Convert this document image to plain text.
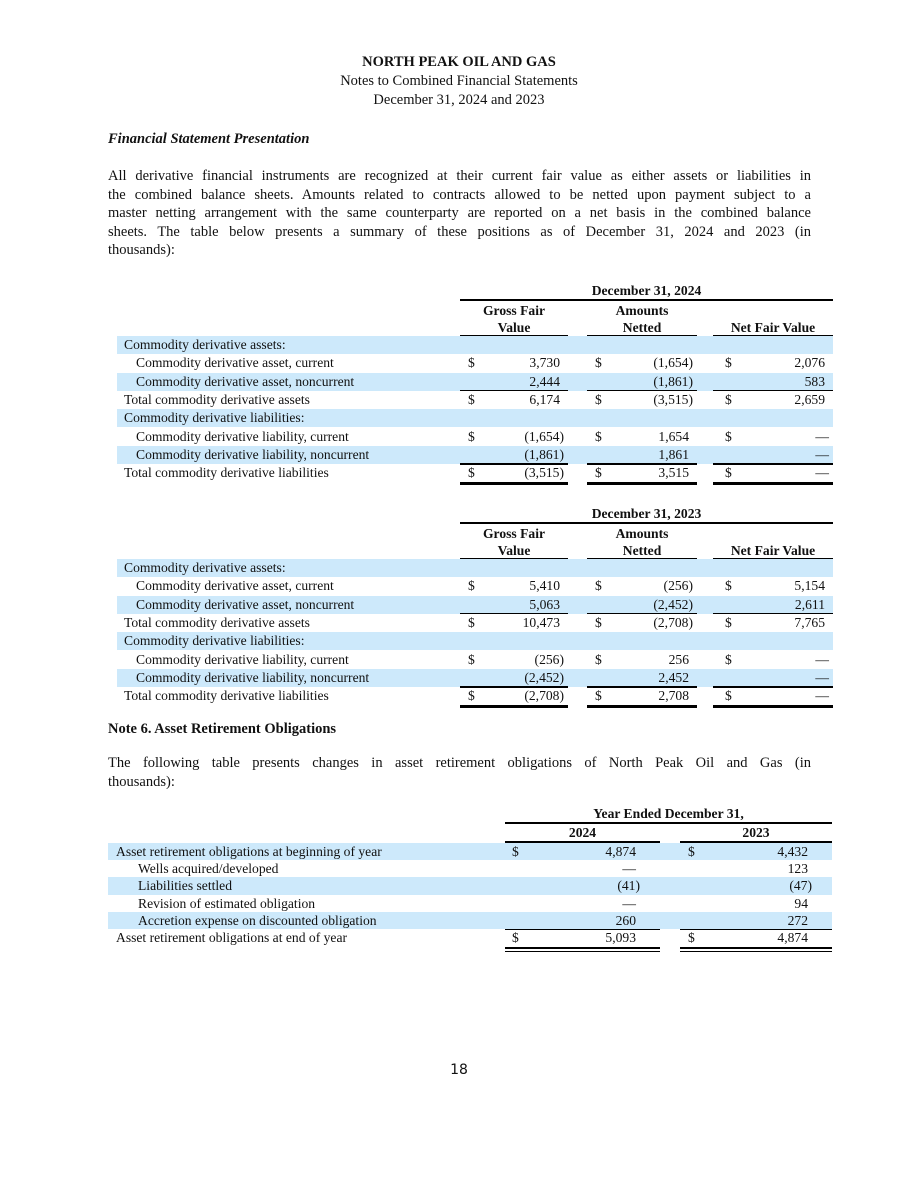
NORTH PEAK OIL AND GAS
Notes to Combined Financial Statements
December 31, 2024 and 2023
Financial Statement Presentation
All derivative financial instruments are recognized at their current fair value as either assets or liabilities in
the combined balance sheets. Amounts related to contracts allowed to be netted upon payment subject to a
master netting arrangement with the same counterparty are reported on a net basis in the combined balance
sheets. The table below presents a summary of these positions as of December 31, 2024 and 2023 (in
thousands):
December 31, 2024
Gross Fair
Value
Amounts
Netted	Net Fair Value
Commodity derivative assets:
Commodity derivative asset, current	$	3,730	$	(1,654) $	2,076
Commodity derivative asset, noncurrent	2,444	(1,861)	583
Total commodity derivative assets	$	6,174	$	(3,515) $	2,659
Commodity derivative liabilities:
Commodity derivative liability, current	$	(1,654) $	1,654	$	—
Commodity derivative liability, noncurrent	(1,861)	1,861	—
Total commodity derivative liabilities	$	(3,515) $	3,515	$	—
December 31, 2023
Gross Fair
Value
Amounts
Netted	Net Fair Value
Commodity derivative assets:
Commodity derivative asset, current	$	5,410	$	(256) $	5,154
Commodity derivative asset, noncurrent	5,063	(2,452)	2,611
Total commodity derivative assets	$	10,473	$	(2,708) $	7,765
Commodity derivative liabilities:
Commodity derivative liability, current	$	(256) $	256	$	—
Commodity derivative liability, noncurrent	(2,452)	2,452	—
Total commodity derivative liabilities	$	(2,708) $	2,708	$	—
Note 6. Asset Retirement Obligations
The following table presents changes in asset retirement obligations of North Peak Oil and Gas (in
thousands):
Year Ended December 31,
2024	2023
Asset retirement obligations at beginning of year	$	4,874	$	4,432
Wells acquired/developed	—	123
Liabilities settled	(41)	(47)
Revision of estimated obligation	—	94
Accretion expense on discounted obligation	260	272
Asset retirement obligations at end of year	$	5,093	$	4,874
18
